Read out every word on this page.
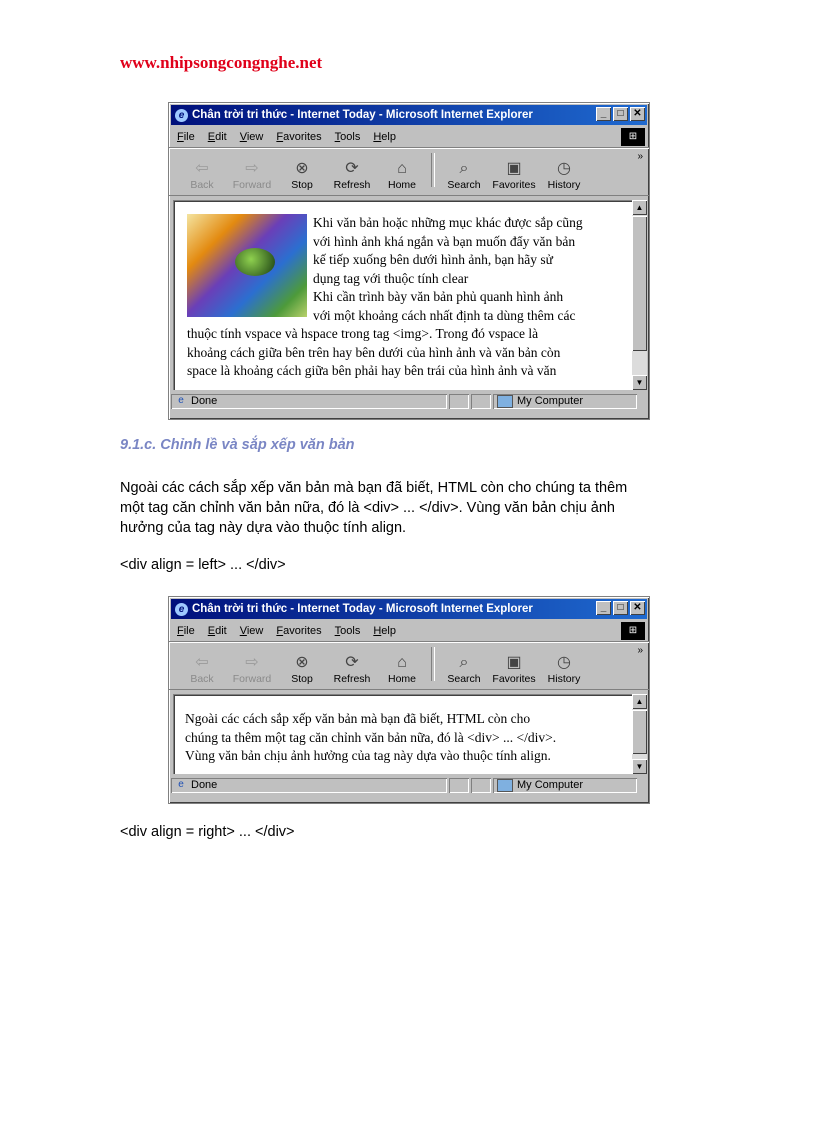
www.nhipsongcongnghe.net
e Chân trời tri thức - Internet Today - Microsoft Internet Explorer	_	□ ✕
File Edit View Favorites Tools Help	⊞
⇦
Back
⇨
Forward
⊗
Stop
⟳
Refresh
⌂
Home
⌕
Search
▣
Favorites
◷
History
»
Khi văn bản hoặc những mục khác được sắp cũng
với hình ảnh khá ngắn và bạn muốn đẩy văn bản
kế tiếp xuống bên dưới hình ảnh, bạn hãy sử
dụng tag với thuộc tính clear
Khi cần trình bày văn bản phủ quanh hình ảnh
với một khoảng cách nhất định ta dùng thêm các
thuộc tính vspace và hspace trong tag <img>. Trong đó vspace là
khoảng cách giữa bên trên hay bên dưới của hình ảnh và văn bản còn
space là khoảng cách giữa bên phải hay bên trái của hình ảnh và văn
▲
▼
e Done	My Computer
9.1.c. Chỉnh lề và sắp xếp văn bản
Ngoài các cách sắp xếp văn bản mà bạn đã biết, HTML còn cho chúng ta thêm
một tag căn chỉnh văn bản nữa, đó là <div> ... </div>. Vùng văn bản chịu ảnh
hưởng của tag này dựa vào thuộc tính align.
<div align = left> ... </div>
e Chân trời tri thức - Internet Today - Microsoft Internet Explorer	_	□ ✕
File Edit View Favorites Tools Help	⊞
⇦
Back
⇨
Forward
⊗
Stop
⟳
Refresh
⌂
Home
⌕
Search
▣
Favorites
◷
History
»
Ngoài các cách sắp xếp văn bản mà bạn đã biết, HTML còn cho
chúng ta thêm một tag căn chỉnh văn bản nữa, đó là <div> ... </div>.
Vùng văn bản chịu ảnh hưởng của tag này dựa vào thuộc tính align.
▲
▼
e Done	My Computer
<div align = right> ... </div>
